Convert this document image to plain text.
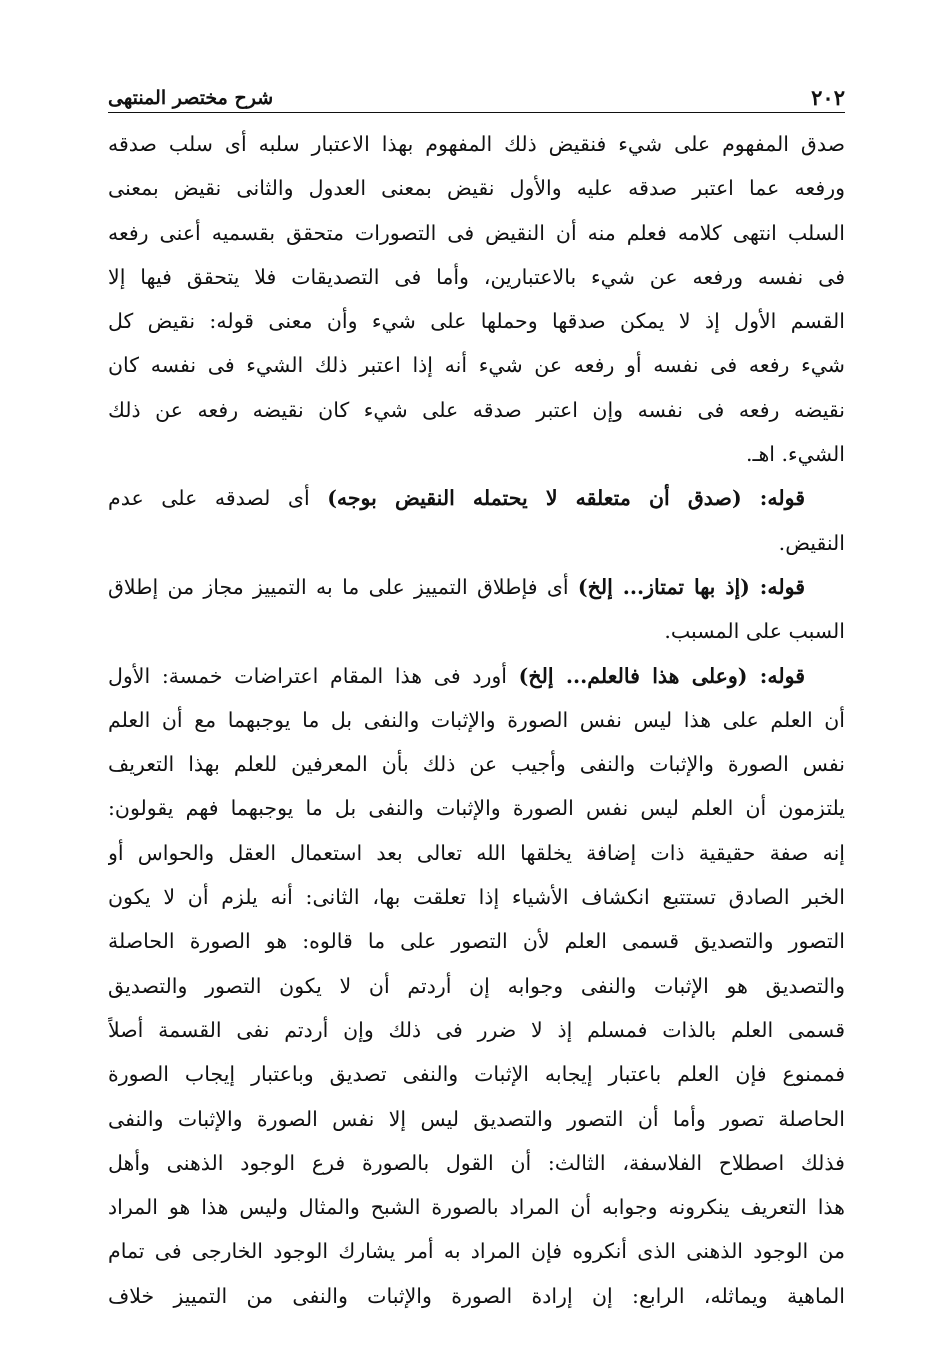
٢٠٢
شرح مختصر المنتهى
صدق المفهوم على شيء فنقيض ذلك المفهوم بهذا الاعتبار سلبه أى سلب صدقه
ورفعه عما اعتبر صدقه عليه والأول نقيض بمعنى العدول والثانى نقيض بمعنى
السلب انتهى كلامه فعلم منه أن النقيض فى التصورات متحقق بقسميه أعنى رفعه
فى نفسه ورفعه عن شيء بالاعتبارين، وأما فى التصديقات فلا يتحقق فيها إلا
القسم الأول إذ لا يمكن صدقها وحملها على شيء وأن معنى قوله: نقيض كل
شيء رفعه فى نفسه أو رفعه عن شيء أنه إذا اعتبر ذلك الشيء فى نفسه كان
نقيضه رفعه فى نفسه وإن اعتبر صدقه على شيء كان نقيضه رفعه عن ذلك
الشيء. اهـ.
قوله: (صدق أن متعلقه لا يحتمله النقيض بوجه) أى لصدقه على عدم
النقيض.
قوله: (إذ بها تمتاز... إلخ) أى فإطلاق التمييز على ما به التمييز مجاز من إطلاق
السبب على المسبب.
قوله: (وعلى هذا فالعلم... إلخ) أورد فى هذا المقام اعتراضات خمسة: الأول
أن العلم على هذا ليس نفس الصورة والإثبات والنفى بل ما يوجبهما مع أن العلم
نفس الصورة والإثبات والنفى وأجيب عن ذلك بأن المعرفين للعلم بهذا التعريف
يلتزمون أن العلم ليس نفس الصورة والإثبات والنفى بل ما يوجبهما فهم يقولون:
إنه صفة حقيقية ذات إضافة يخلقها الله تعالى بعد استعمال العقل والحواس أو
الخبر الصادق تستتبع انكشاف الأشياء إذا تعلقت بها، الثانى: أنه يلزم أن لا يكون
التصور والتصديق قسمى العلم لأن التصور على ما قالوه: هو الصورة الحاصلة
والتصديق هو الإثبات والنفى وجوابه إن أردتم أن لا يكون التصور والتصديق
قسمى العلم بالذات فمسلم إذ لا ضرر فى ذلك وإن أردتم نفى القسمة أصلاً
فممنوع فإن العلم باعتبار إيجابه الإثبات والنفى تصديق وباعتبار إيجاب الصورة
الحاصلة تصور وأما أن التصور والتصديق ليس إلا نفس الصورة والإثبات والنفى
فذلك اصطلاح الفلاسفة، الثالث: أن القول بالصورة فرع الوجود الذهنى وأهل
هذا التعريف ينكرونه وجوابه أن المراد بالصورة الشبح والمثال وليس هذا هو المراد
من الوجود الذهنى الذى أنكروه فإن المراد به أمر يشارك الوجود الخارجى فى تمام
الماهية ويماثله، الرابع: إن إرادة الصورة والإثبات والنفى من التمييز خلاف
